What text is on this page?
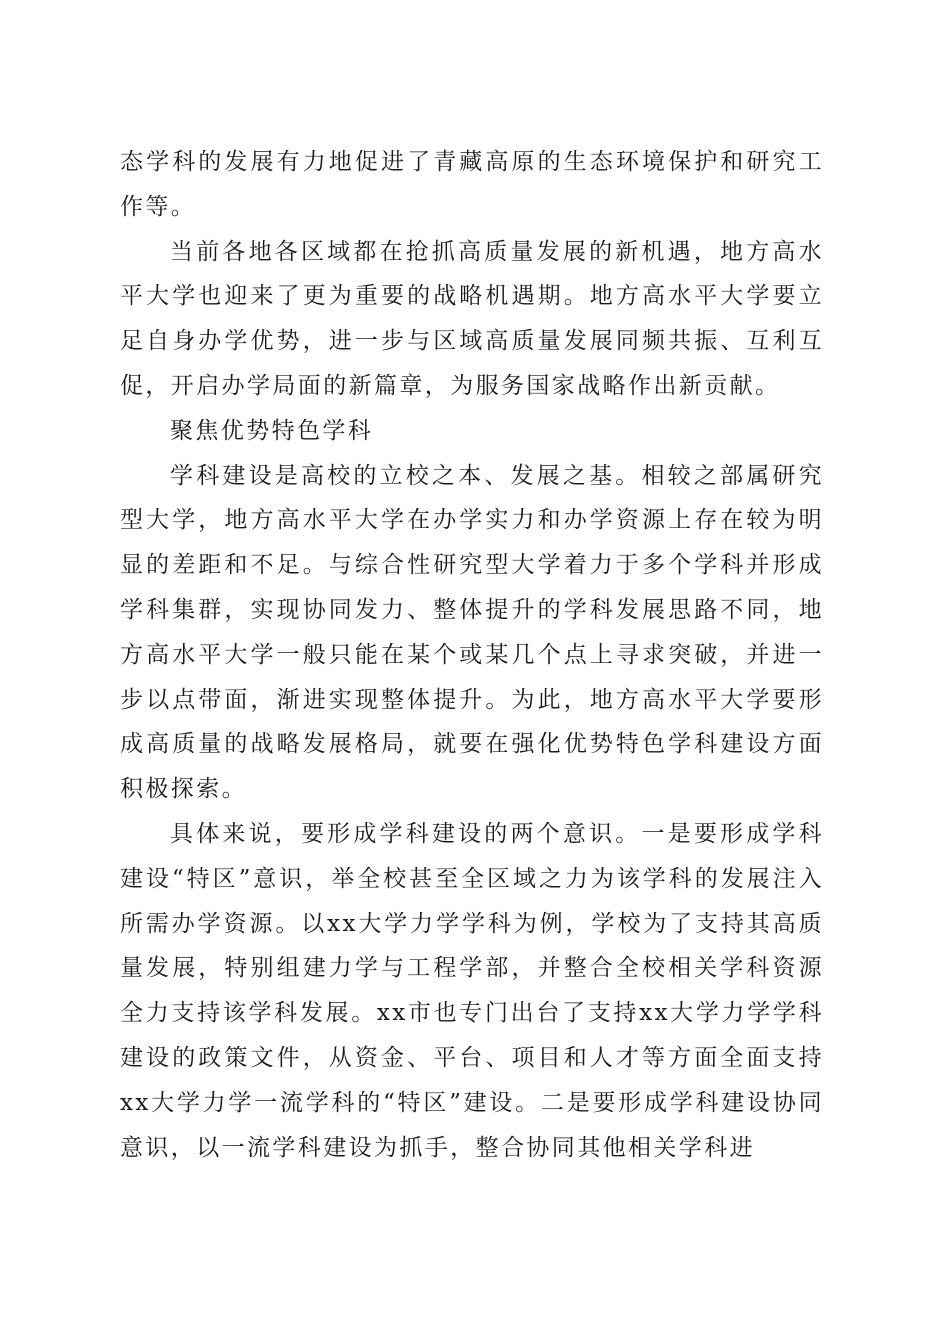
态学科的发展有力地促进了青藏高原的生态环境保护和研究工作等。

当前各地各区域都在抢抓高质量发展的新机遇，地方高水平大学也迎来了更为重要的战略机遇期。地方高水平大学要立足自身办学优势，进一步与区域高质量发展同频共振、互利互促，开启办学局面的新篇章，为服务国家战略作出新贡献。

聚焦优势特色学科

学科建设是高校的立校之本、发展之基。相较之部属研究型大学，地方高水平大学在办学实力和办学资源上存在较为明显的差距和不足。与综合性研究型大学着力于多个学科并形成学科集群，实现协同发力、整体提升的学科发展思路不同，地方高水平大学一般只能在某个或某几个点上寻求突破，并进一步以点带面，渐进实现整体提升。为此，地方高水平大学要形成高质量的战略发展格局，就要在强化优势特色学科建设方面积极探索。

具体来说，要形成学科建设的两个意识。一是要形成学科建设“特区”意识，举全校甚至全区域之力为该学科的发展注入所需办学资源。以xx大学力学学科为例，学校为了支持其高质量发展，特别组建力学与工程学部，并整合全校相关学科资源全力支持该学科发展。xx市也专门出台了支持xx大学力学学科建设的政策文件，从资金、平台、项目和人才等方面全面支持xx大学力学一流学科的“特区”建设。二是要形成学科建设协同意识，以一流学科建设为抓手，整合协同其他相关学科进
